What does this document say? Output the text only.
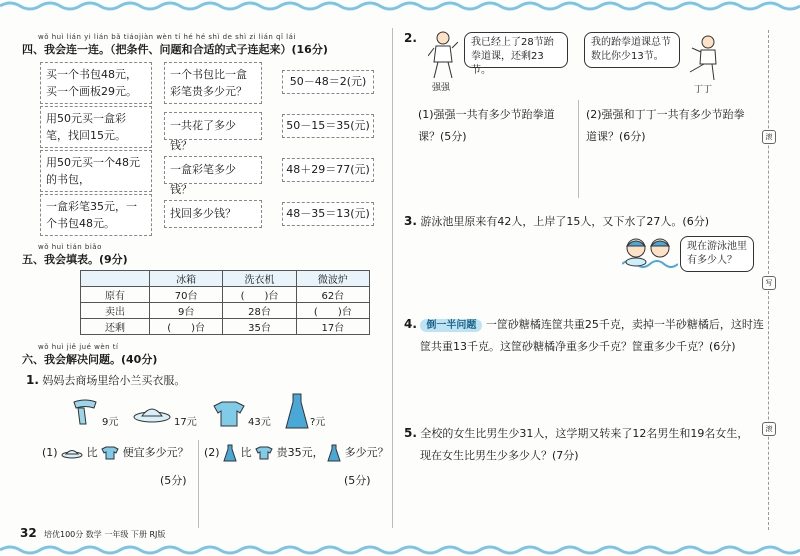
滚
写
滚
wǒ huì lián yi lián bǎ tiáojiàn wèn tí hé hé shì de shì zi lián qǐ lái
四、我会连一连。（把条件、问题和合适的式子连起来）(16分)
买一个书包48元，买一个画板29元。
用50元买一盒彩笔，找回15元。
用50元买一个48元的书包，
一盒彩笔35元，一个书包48元。
一个书包比一盒彩笔贵多少元？
一共花了多少钱？
一盒彩笔多少钱？
找回多少钱？
50－48＝2(元)
50－15＝35(元)
48＋29＝77(元)
48－35＝13(元)
wǒ huì tián biǎo
五、我会填表。(9分)
	冰箱	洗衣机	微波炉
原有	70台	(　　)台	62台
卖出	9台	28台	(　　)台
还剩	(　　)台	35台	17台
wǒ huì jiě jué wèn tí
六、我会解决问题。(40分)
1. 妈妈去商场里给小兰买衣服。
9元	17元	43元	?元
(1)	比 便宜多少元？
(5分)
(2) 比 贵35元， 多少元？
(5分)
32 培优100分 数学 一年级 下册 RJ版
2.
强强
我已经上了28节跆拳道课，还剩23节。
我的跆拳道课总节数比你少13节。
丁丁
(1)强强一共有多少节跆拳道课？(5分)
(2)强强和丁丁一共有多少节跆拳道课？(6分)
3. 游泳池里原来有42人，上岸了15人，又下水了27人。(6分)
现在游泳池里有多少人？
4. 倒一半问题 一筐砂糖橘连筐共重25千克，卖掉一半砂糖橘后，这时连
筐共重13千克。这筐砂糖橘净重多少千克？筐重多少千克？(6分)
5. 全校的女生比男生少31人，这学期又转来了12名男生和19名女生，
现在女生比男生少多少人？(7分)
